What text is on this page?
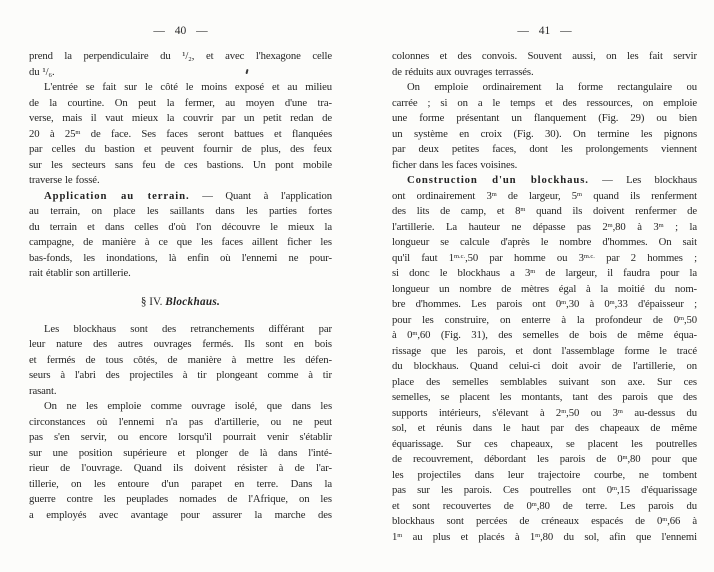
— 40 —
prend la perpendiculaire du ¹/₂, et avec l'hexagone celle
du ¹/₆.
L'entrée se fait sur le côté le moins exposé et au milieu
de la courtine. On peut la fermer, au moyen d'une tra-
verse, mais il vaut mieux la couvrir par un petit redan de
20 à 25$^m$ de face. Ses faces seront battues et flanquées
par celles du bastion et peuvent fournir de plus, des feux
sur les secteurs sans feu de ces bastions. Un pont mobile
traverse le fossé.
Application au terrain. — Quant à l'application
au terrain, on place les saillants dans les parties fortes
du terrain et dans celles d'où l'on découvre le mieux la
campagne, de manière à ce que les faces aillent ficher les
bas-fonds, les inondations, là enfin où l'ennemi ne pour-
rait établir son artillerie.
§ IV. Blockhaus.
Les blockhaus sont des retranchements différant par
leur nature des autres ouvrages fermés. Ils sont en bois
et fermés de tous côtés, de manière à mettre les défen-
seurs à l'abri des projectiles à tir plongeant comme à tir
rasant.
On ne les emploie comme ouvrage isolé, que dans les
circonstances où l'ennemi n'a pas d'artillerie, ou ne peut
pas s'en servir, ou encore lorsqu'il pourrait venir s'établir
sur une position supérieure et plonger de là dans l'inté-
rieur de l'ouvrage. Quand ils doivent résister à de l'ar-
tillerie, on les entoure d'un parapet en terre. Dans la
guerre contre les peuplades nomades de l'Afrique, on les
a employés avec avantage pour assurer la marche des
— 41 —
colonnes et des convois. Souvent aussi, on les fait servir
de réduits aux ouvrages terrassés.
On emploie ordinairement la forme rectangulaire ou
carrée ; si on a le temps et des ressources, on emploie
une forme présentant un flanquement (Fig. 29) ou bien
un système en croix (Fig. 30). On termine les pignons
par deux petites faces, dont les prolongements viennent
ficher dans les faces voisines.
Construction d'un blockhaus. — Les blockhaus
ont ordinairement 3$^m$ de largeur, 5$^m$ quand ils renferment
des lits de camp, et 8$^m$ quand ils doivent renfermer de
l'artillerie. La hauteur ne dépasse pas 2$^m$,80 à 3$^m$ ; la
longueur se calcule d'après le nombre d'hommes. On sait
qu'il faut $1^{m.c.},50$ par homme ou $3^{m.c.}$ par 2 hommes ;
si donc le blockhaus a 3$^m$ de largeur, il faudra pour la
longueur un nombre de mètres égal à la moitié du nom-
bre d'hommes. Les parois ont 0$^m$,30 à 0$^m$,33 d'épaisseur ;
pour les construire, on enterre à la profondeur de 0$^m$,50
à 0$^m$,60 (Fig. 31), des semelles de bois de même équa-
rissage que les parois, et dont l'assemblage forme le tracé
du blockhaus. Quand celui-ci doit avoir de l'artillerie, on
place des semelles semblables suivant son axe. Sur ces
semelles, se placent les montants, tant des parois que des
supports intérieurs, s'élevant à 2$^m$,50 ou 3$^m$ au-dessus du
sol, et réunis dans le haut par des chapeaux de même
équarissage. Sur ces chapeaux, se placent les poutrelles
de recouvrement, débordant les parois de 0$^m$,80 pour que
les projectiles dans leur trajectoire courbe, ne tombent
pas sur les parois. Ces poutrelles ont 0$^m$,15 d'équarissage
et sont recouvertes de 0$^m$,80 de terre. Les parois du
blockhaus sont percées de créneaux espacés de 0$^m$,66 à
1$^m$ au plus et placés à 1$^m$,80 du sol, afin que l'ennemi
